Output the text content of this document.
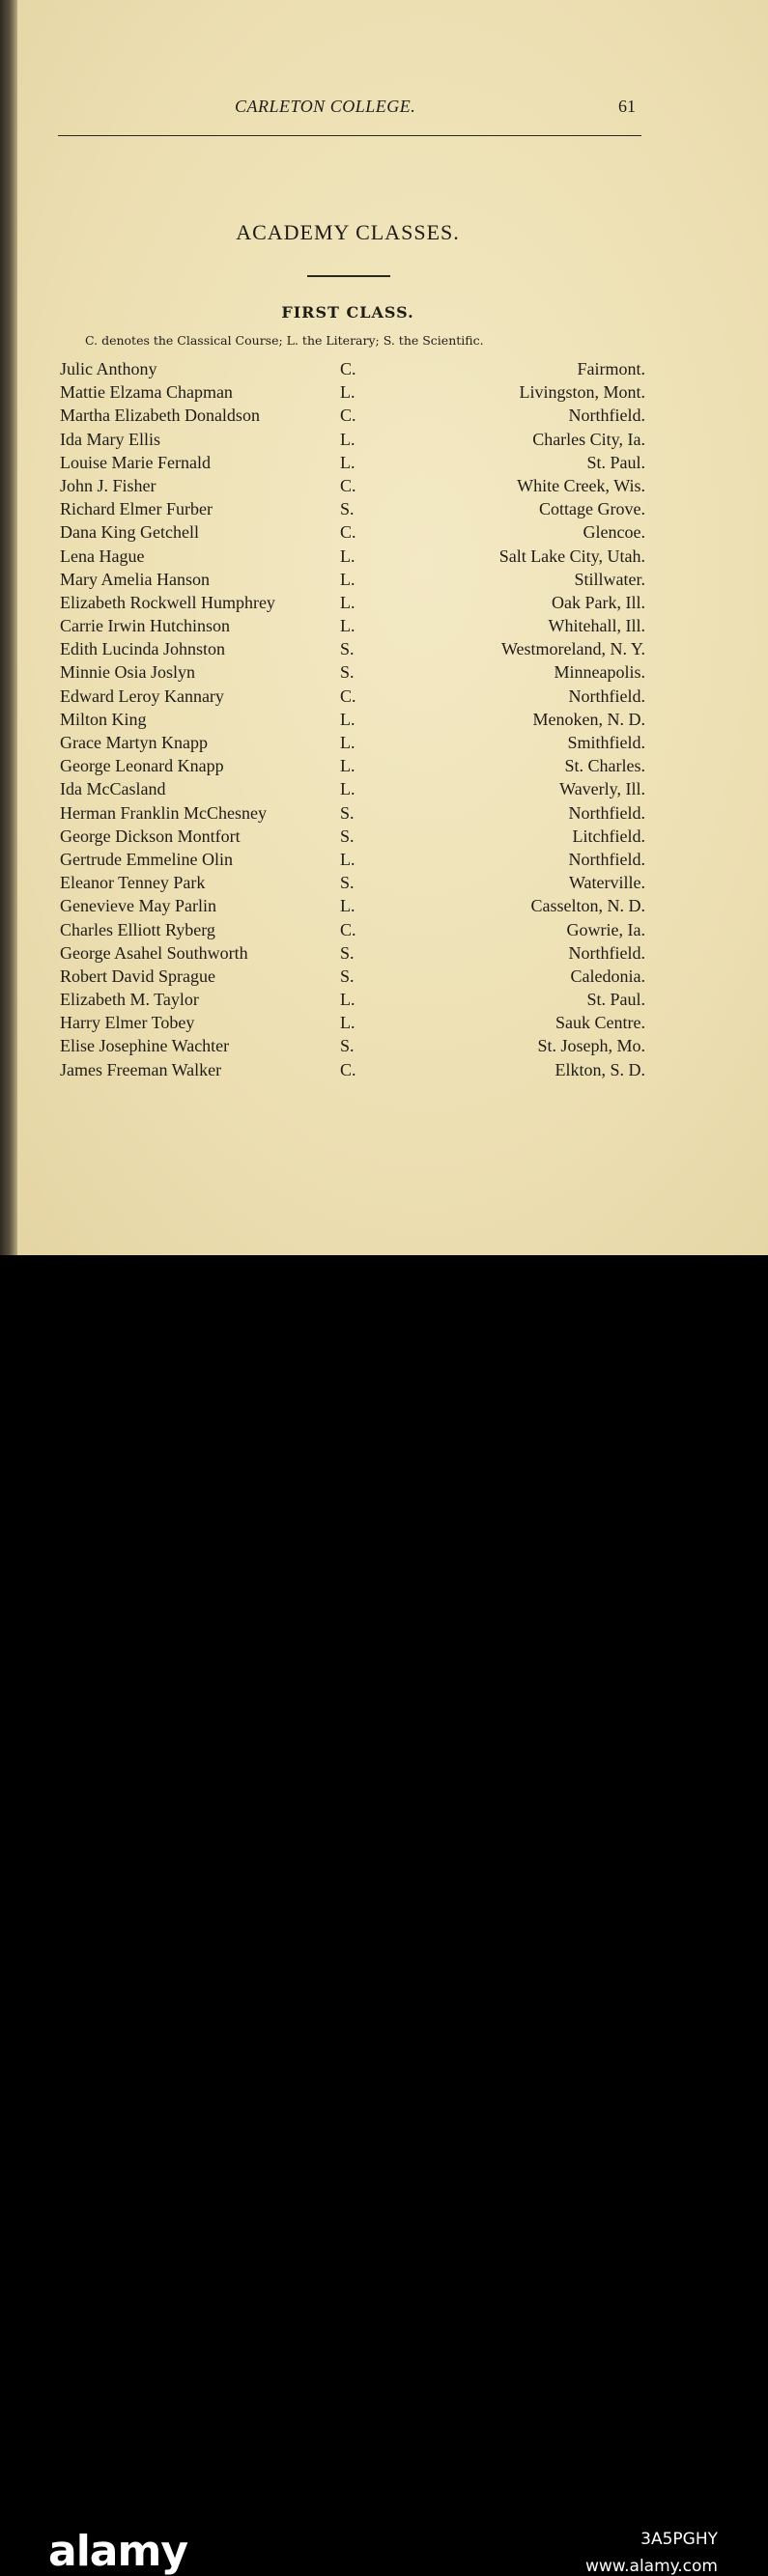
CARLETON COLLEGE.	61
ACADEMY CLASSES.
FIRST CLASS.
C. denotes the Classical Course; L. the Literary; S. the Scientific.
Julic Anthony	C.	Fairmont.
Mattie Elzama Chapman	L.	Livingston, Mont.
Martha Elizabeth Donaldson	C.	Northfield.
Ida Mary Ellis	L.	Charles City, Ia.
Louise Marie Fernald	L.	St. Paul.
John J. Fisher	C.	White Creek, Wis.
Richard Elmer Furber	S.	Cottage Grove.
Dana King Getchell	C.	Glencoe.
Lena Hague	L.	Salt Lake City, Utah.
Mary Amelia Hanson	L.	Stillwater.
Elizabeth Rockwell Humphrey	L.	Oak Park, Ill.
Carrie Irwin Hutchinson	L.	Whitehall, Ill.
Edith Lucinda Johnston	S.	Westmoreland, N. Y.
Minnie Osia Joslyn	S.	Minneapolis.
Edward Leroy Kannary	C.	Northfield.
Milton King	L.	Menoken, N. D.
Grace Martyn Knapp	L.	Smithfield.
George Leonard Knapp	L.	St. Charles.
Ida McCasland	L.	Waverly, Ill.
Herman Franklin McChesney	S.	Northfield.
George Dickson Montfort	S.	Litchfield.
Gertrude Emmeline Olin	L.	Northfield.
Eleanor Tenney Park	S.	Waterville.
Genevieve May Parlin	L.	Casselton, N. D.
Charles Elliott Ryberg	C.	Gowrie, Ia.
George Asahel Southworth	S.	Northfield.
Robert David Sprague	S.	Caledonia.
Elizabeth M. Taylor	L.	St. Paul.
Harry Elmer Tobey	L.	Sauk Centre.
Elise Josephine Wachter	S.	St. Joseph, Mo.
James Freeman Walker	C.	Elkton, S. D.
alamy	3A5PGHY
www.alamy.com
